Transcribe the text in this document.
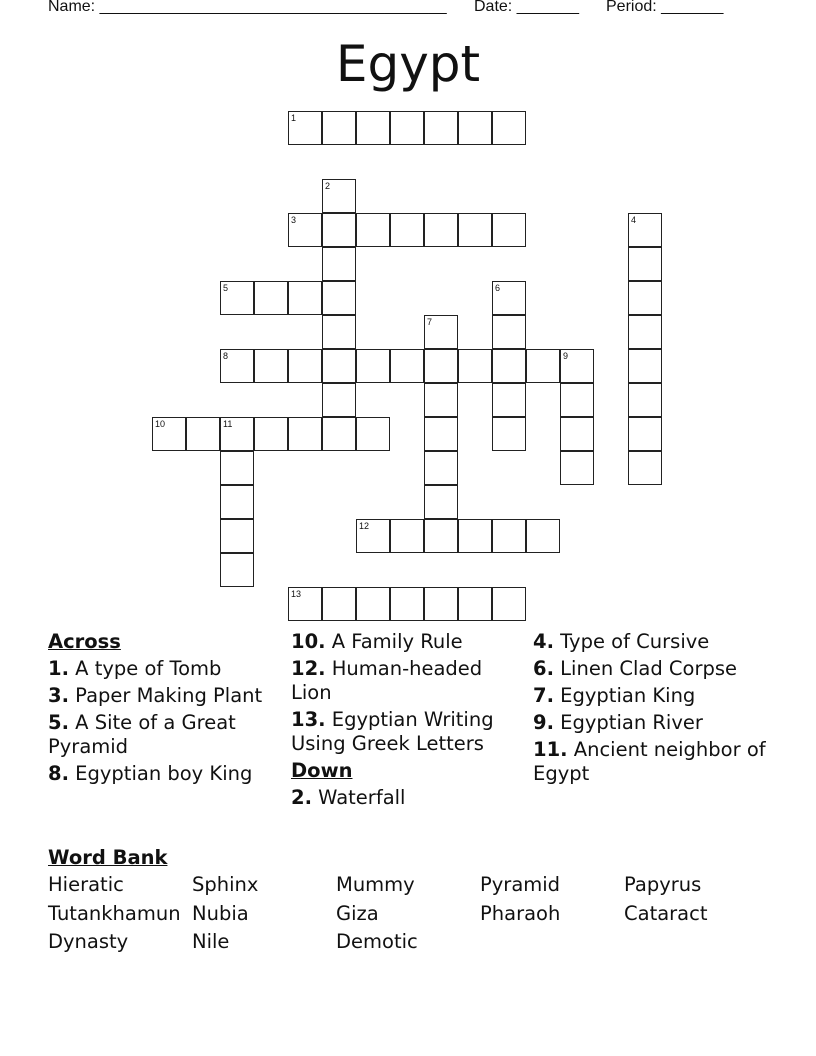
Name: _______________________________________ Date: _______ Period: _______
Egypt
1
2
3	4
5	6
7
8	9
10	11
12
13
Across
1. A type of Tomb
3. Paper Making Plant
5. A Site of a Great Pyramid
8. Egyptian boy King
10. A Family Rule
12. Human-headed Lion
13. Egyptian Writing Using Greek Letters
Down
2. Waterfall
4. Type of Cursive
6. Linen Clad Corpse
7. Egyptian King
9. Egyptian River
11. Ancient neighbor of Egypt
Word Bank
Hieratic	Sphinx	Mummy	Pyramid	Papyrus
Tutankhamun Nubia	Giza	Pharaoh	Cataract
Dynasty	Nile	Demotic
